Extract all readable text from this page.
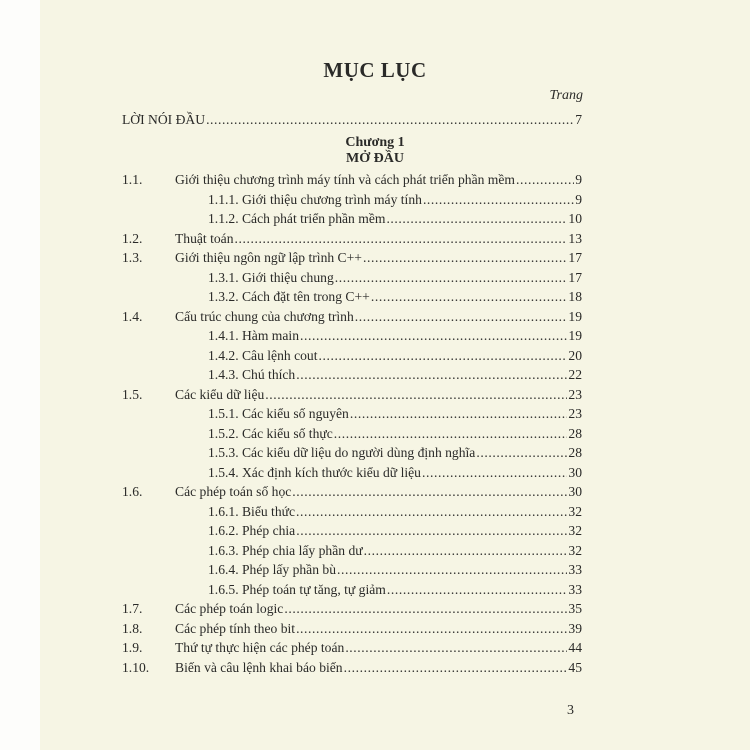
MỤC LỤC
Trang
LỜI NÓI ĐẦU .....	7
Chương 1
MỞ ĐẦU
1.1.	Giới thiệu chương trình máy tính và cách phát triển phần mềm .....	9
1.1.1. Giới thiệu chương trình máy tính .....	9
1.1.2. Cách phát triển phần mềm .....	10
1.2.	Thuật toán .....	13
1.3.	Giới thiệu ngôn ngữ lập trình C++ .....	17
1.3.1. Giới thiệu chung .....	17
1.3.2. Cách đặt tên trong C++ .....	18
1.4.	Cấu trúc chung của chương trình .....	19
1.4.1. Hàm main .....	19
1.4.2. Câu lệnh cout .....	20
1.4.3. Chú thích .....	22
1.5.	Các kiểu dữ liệu .....	23
1.5.1. Các kiểu số nguyên .....	23
1.5.2. Các kiểu số thực .....	28
1.5.3. Các kiểu dữ liệu do người dùng định nghĩa .....	28
1.5.4. Xác định kích thước kiểu dữ liệu .....	30
1.6.	Các phép toán số học .....	30
1.6.1. Biểu thức .....	32
1.6.2. Phép chia .....	32
1.6.3. Phép chia lấy phần dư .....	32
1.6.4. Phép lấy phần bù .....	33
1.6.5. Phép toán tự tăng, tự giảm .....	33
1.7.	Các phép toán logic .....	35
1.8.	Các phép tính theo bit .....	39
1.9.	Thứ tự thực hiện các phép toán .....	44
1.10.	Biến và câu lệnh khai báo biến .....	45
3
